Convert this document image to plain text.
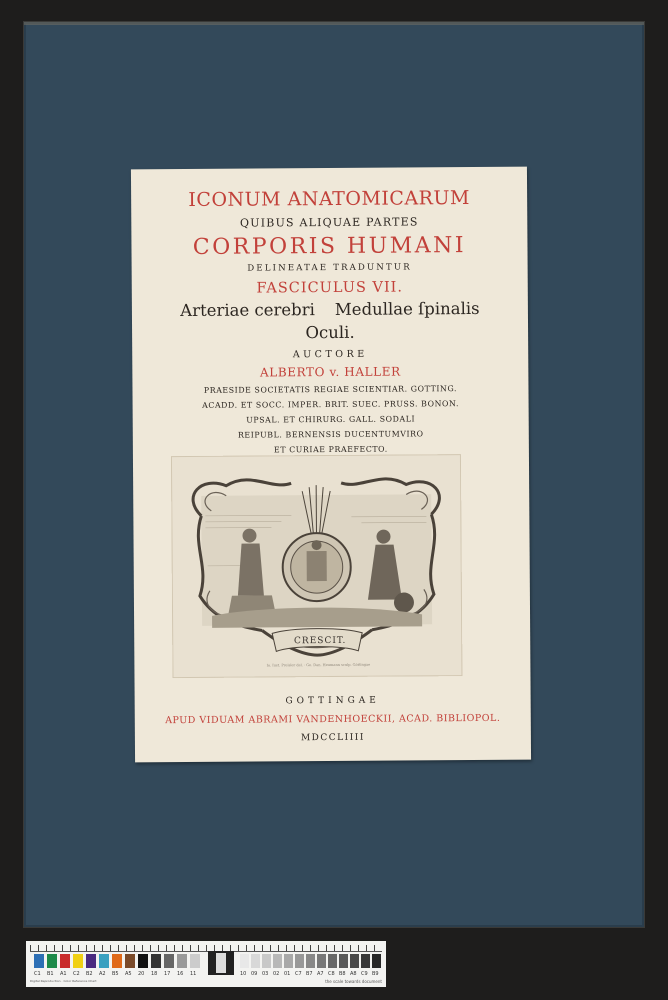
ICONUM ANATOMICARUM
QUIBUS ALIQUAE PARTES
CORPORIS HUMANI
DELINEATAE TRADUNTUR
FASCICULUS VII.
Arteriae cerebri Medullae ſpinalis
Oculi.
AUCTORE
ALBERTO v. HALLER
PRAESIDE SOCIETATIS REGIAE SCIENTIAR. GOTTING.
ACADD. ET SOCC. IMPER. BRIT. SUEC. PRUSS. BONON.
UPSAL. ET CHIRURG. GALL. SODALI
REIPUBL. BERNENSIS DUCENTUMVIRO
ET CURIAE PRAEFECTO.
CRESCIT.
Io. Iust. Preisler del. · Ge. Dan. Heumann sculp. Göttingae
GOTTINGAE
APUD VIDUAM ABRAMI VANDENHOECKII, ACAD. BIBLIOPOL.
MDCCLIIII
C1 B1 A1 C2 B2 A2 B5 A5 20 18 17 16 11	10 09 03 02 01 C7 B7 A7 C8 B8 A8 C9 B9
Digital Reproduction · Color Reference Chart	the scale towards document
